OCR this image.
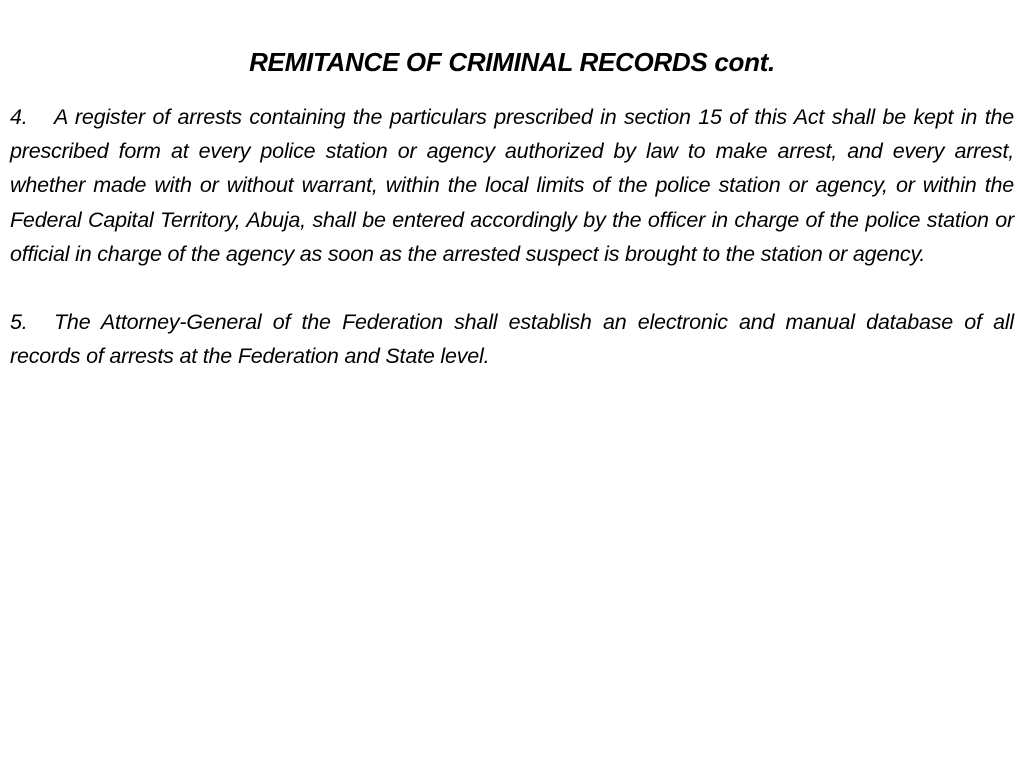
REMITANCE OF CRIMINAL RECORDS cont.

4. A register of arrests containing the particulars prescribed in section 15 of this Act shall be kept in the prescribed form at every police station or agency authorized by law to make arrest, and every arrest, whether made with or without warrant, within the local limits of the police station or agency, or within the Federal Capital Territory, Abuja, shall be entered accordingly by the officer in charge of the police station or official in charge of the agency as soon as the arrested suspect is brought to the station or agency.

5. The Attorney-General of the Federation shall establish an electronic and manual database of all records of arrests at the Federation and State level.
